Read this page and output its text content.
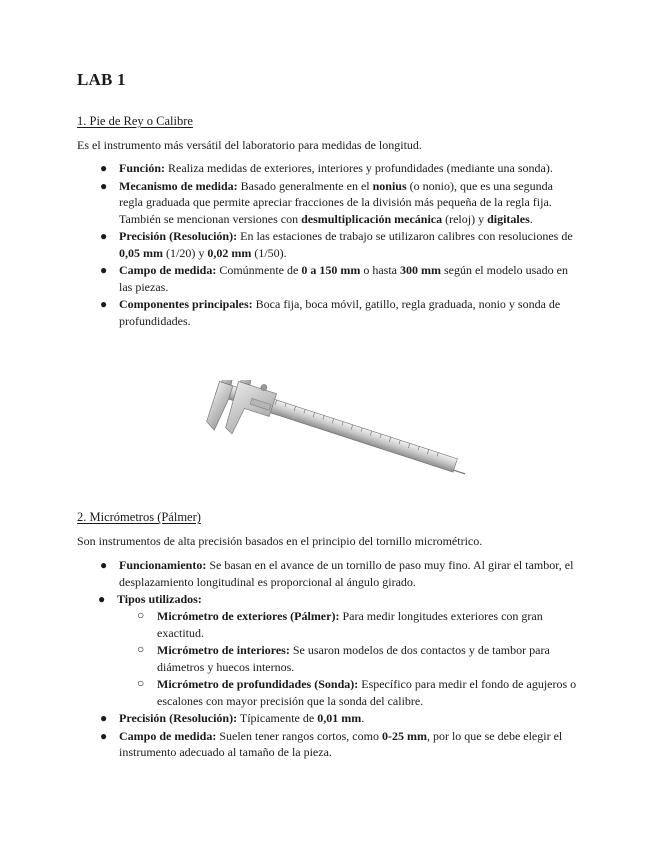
LAB 1

1. Pie de Rey o Calibre

Es el instrumento más versátil del laboratorio para medidas de longitud.

● Función: Realiza medidas de exteriores, interiores y profundidades (mediante una sonda).
● Mecanismo de medida: Basado generalmente en el nonius (o nonio), que es una segunda regla graduada que permite apreciar fracciones de la división más pequeña de la regla fija. También se mencionan versiones con desmultiplicación mecánica (reloj) y digitales.
● Precisión (Resolución): En las estaciones de trabajo se utilizaron calibres con resoluciones de 0,05 mm (1/20) y 0,02 mm (1/50).
● Campo de medida: Comúnmente de 0 a 150 mm o hasta 300 mm según el modelo usado en las piezas.
● Componentes principales: Boca fija, boca móvil, gatillo, regla graduada, nonio y sonda de profundidades.

2. Micrómetros (Pálmer)

Son instrumentos de alta precisión basados en el principio del tornillo micrométrico.

● Funcionamiento: Se basan en el avance de un tornillo de paso muy fino. Al girar el tambor, el desplazamiento longitudinal es proporcional al ángulo girado.
● Tipos utilizados:
○ Micrómetro de exteriores (Pálmer): Para medir longitudes exteriores con gran exactitud.
○ Micrómetro de interiores: Se usaron modelos de dos contactos y de tambor para diámetros y huecos internos.
○ Micrómetro de profundidades (Sonda): Específico para medir el fondo de agujeros o escalones con mayor precisión que la sonda del calibre.
● Precisión (Resolución): Típicamente de 0,01 mm.
● Campo de medida: Suelen tener rangos cortos, como 0-25 mm, por lo que se debe elegir el instrumento adecuado al tamaño de la pieza.
